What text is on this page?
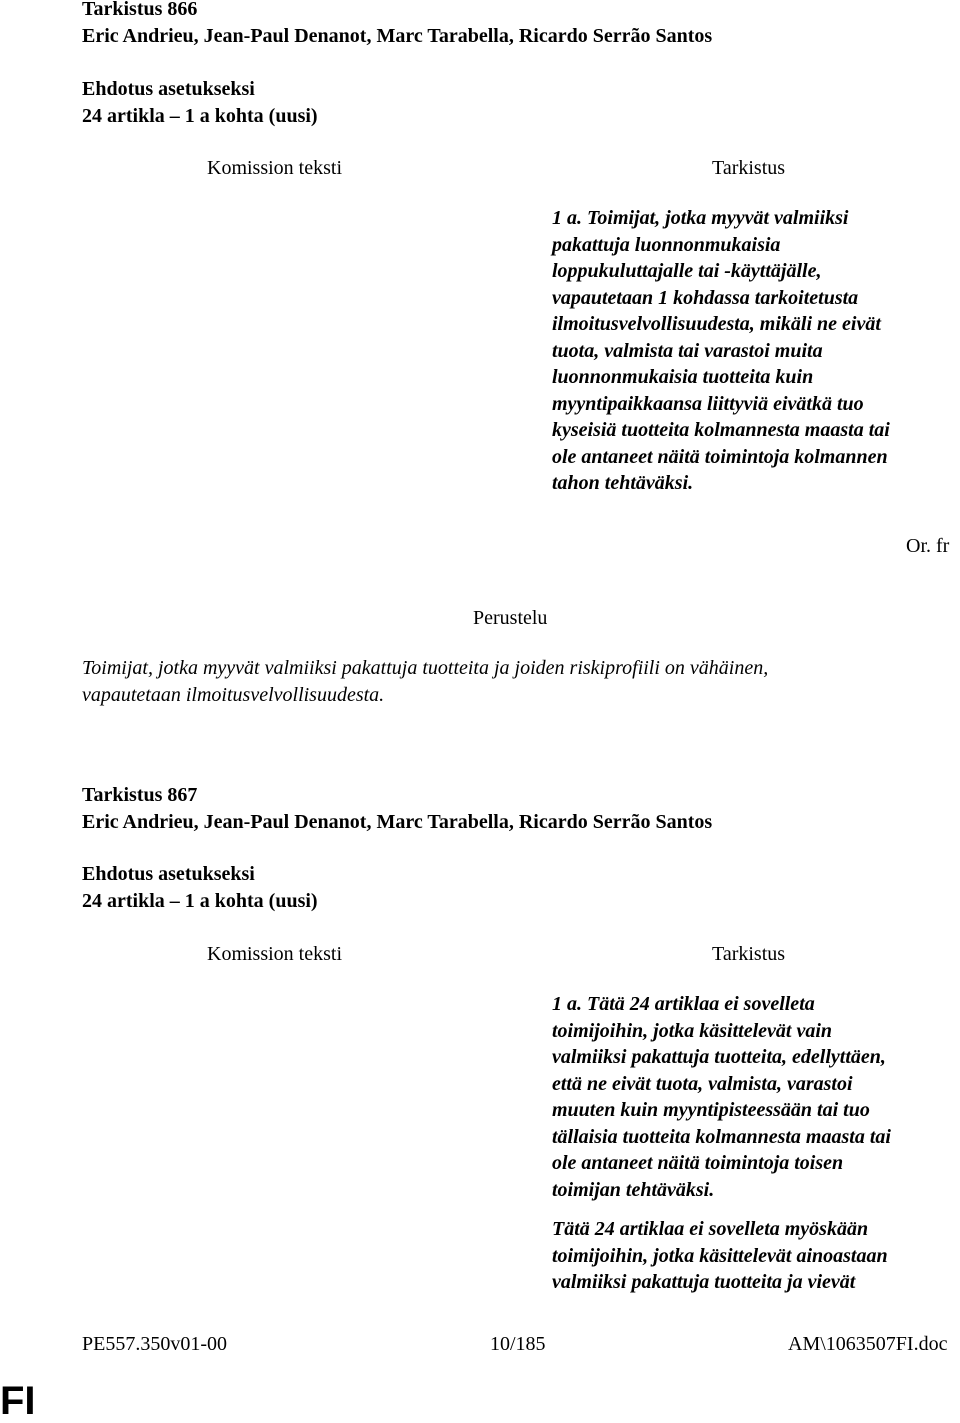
Tarkistus 866
Eric Andrieu, Jean-Paul Denanot, Marc Tarabella, Ricardo Serrão Santos
Ehdotus asetukseksi
24 artikla – 1 a kohta (uusi)
Komission teksti	Tarkistus

1 a. Toimijat, jotka myyvät valmiiksi

pakattuja luonnonmukaisia

loppukuluttajalle tai -käyttäjälle,

vapautetaan 1 kohdassa tarkoitetusta

ilmoitusvelvollisuudesta, mikäli ne eivät

tuota, valmista tai varastoi muita

luonnonmukaisia tuotteita kuin

myyntipaikkaansa liittyviä eivätkä tuo

kyseisiä tuotteita kolmannesta maasta tai

ole antaneet näitä toimintoja kolmannen

tahon tehtäväksi.

Or. fr
Perustelu

Toimijat, jotka myyvät valmiiksi pakattuja tuotteita ja joiden riskiprofiili on vähäinen,

vapautetaan ilmoitusvelvollisuudesta.

Tarkistus 867
Eric Andrieu, Jean-Paul Denanot, Marc Tarabella, Ricardo Serrão Santos
Ehdotus asetukseksi
24 artikla – 1 a kohta (uusi)
Komission teksti	Tarkistus

1 a. Tätä 24 artiklaa ei sovelleta

toimijoihin, jotka käsittelevät vain

valmiiksi pakattuja tuotteita, edellyttäen,

että ne eivät tuota, valmista, varastoi

muuten kuin myyntipisteessään tai tuo

tällaisia tuotteita kolmannesta maasta tai

ole antaneet näitä toimintoja toisen

toimijan tehtäväksi.

Tätä 24 artiklaa ei sovelleta myöskään

toimijoihin, jotka käsittelevät ainoastaan

valmiiksi pakattuja tuotteita ja vievät

PE557.350v01-00	10/185	AM\1063507FI.doc
FI
